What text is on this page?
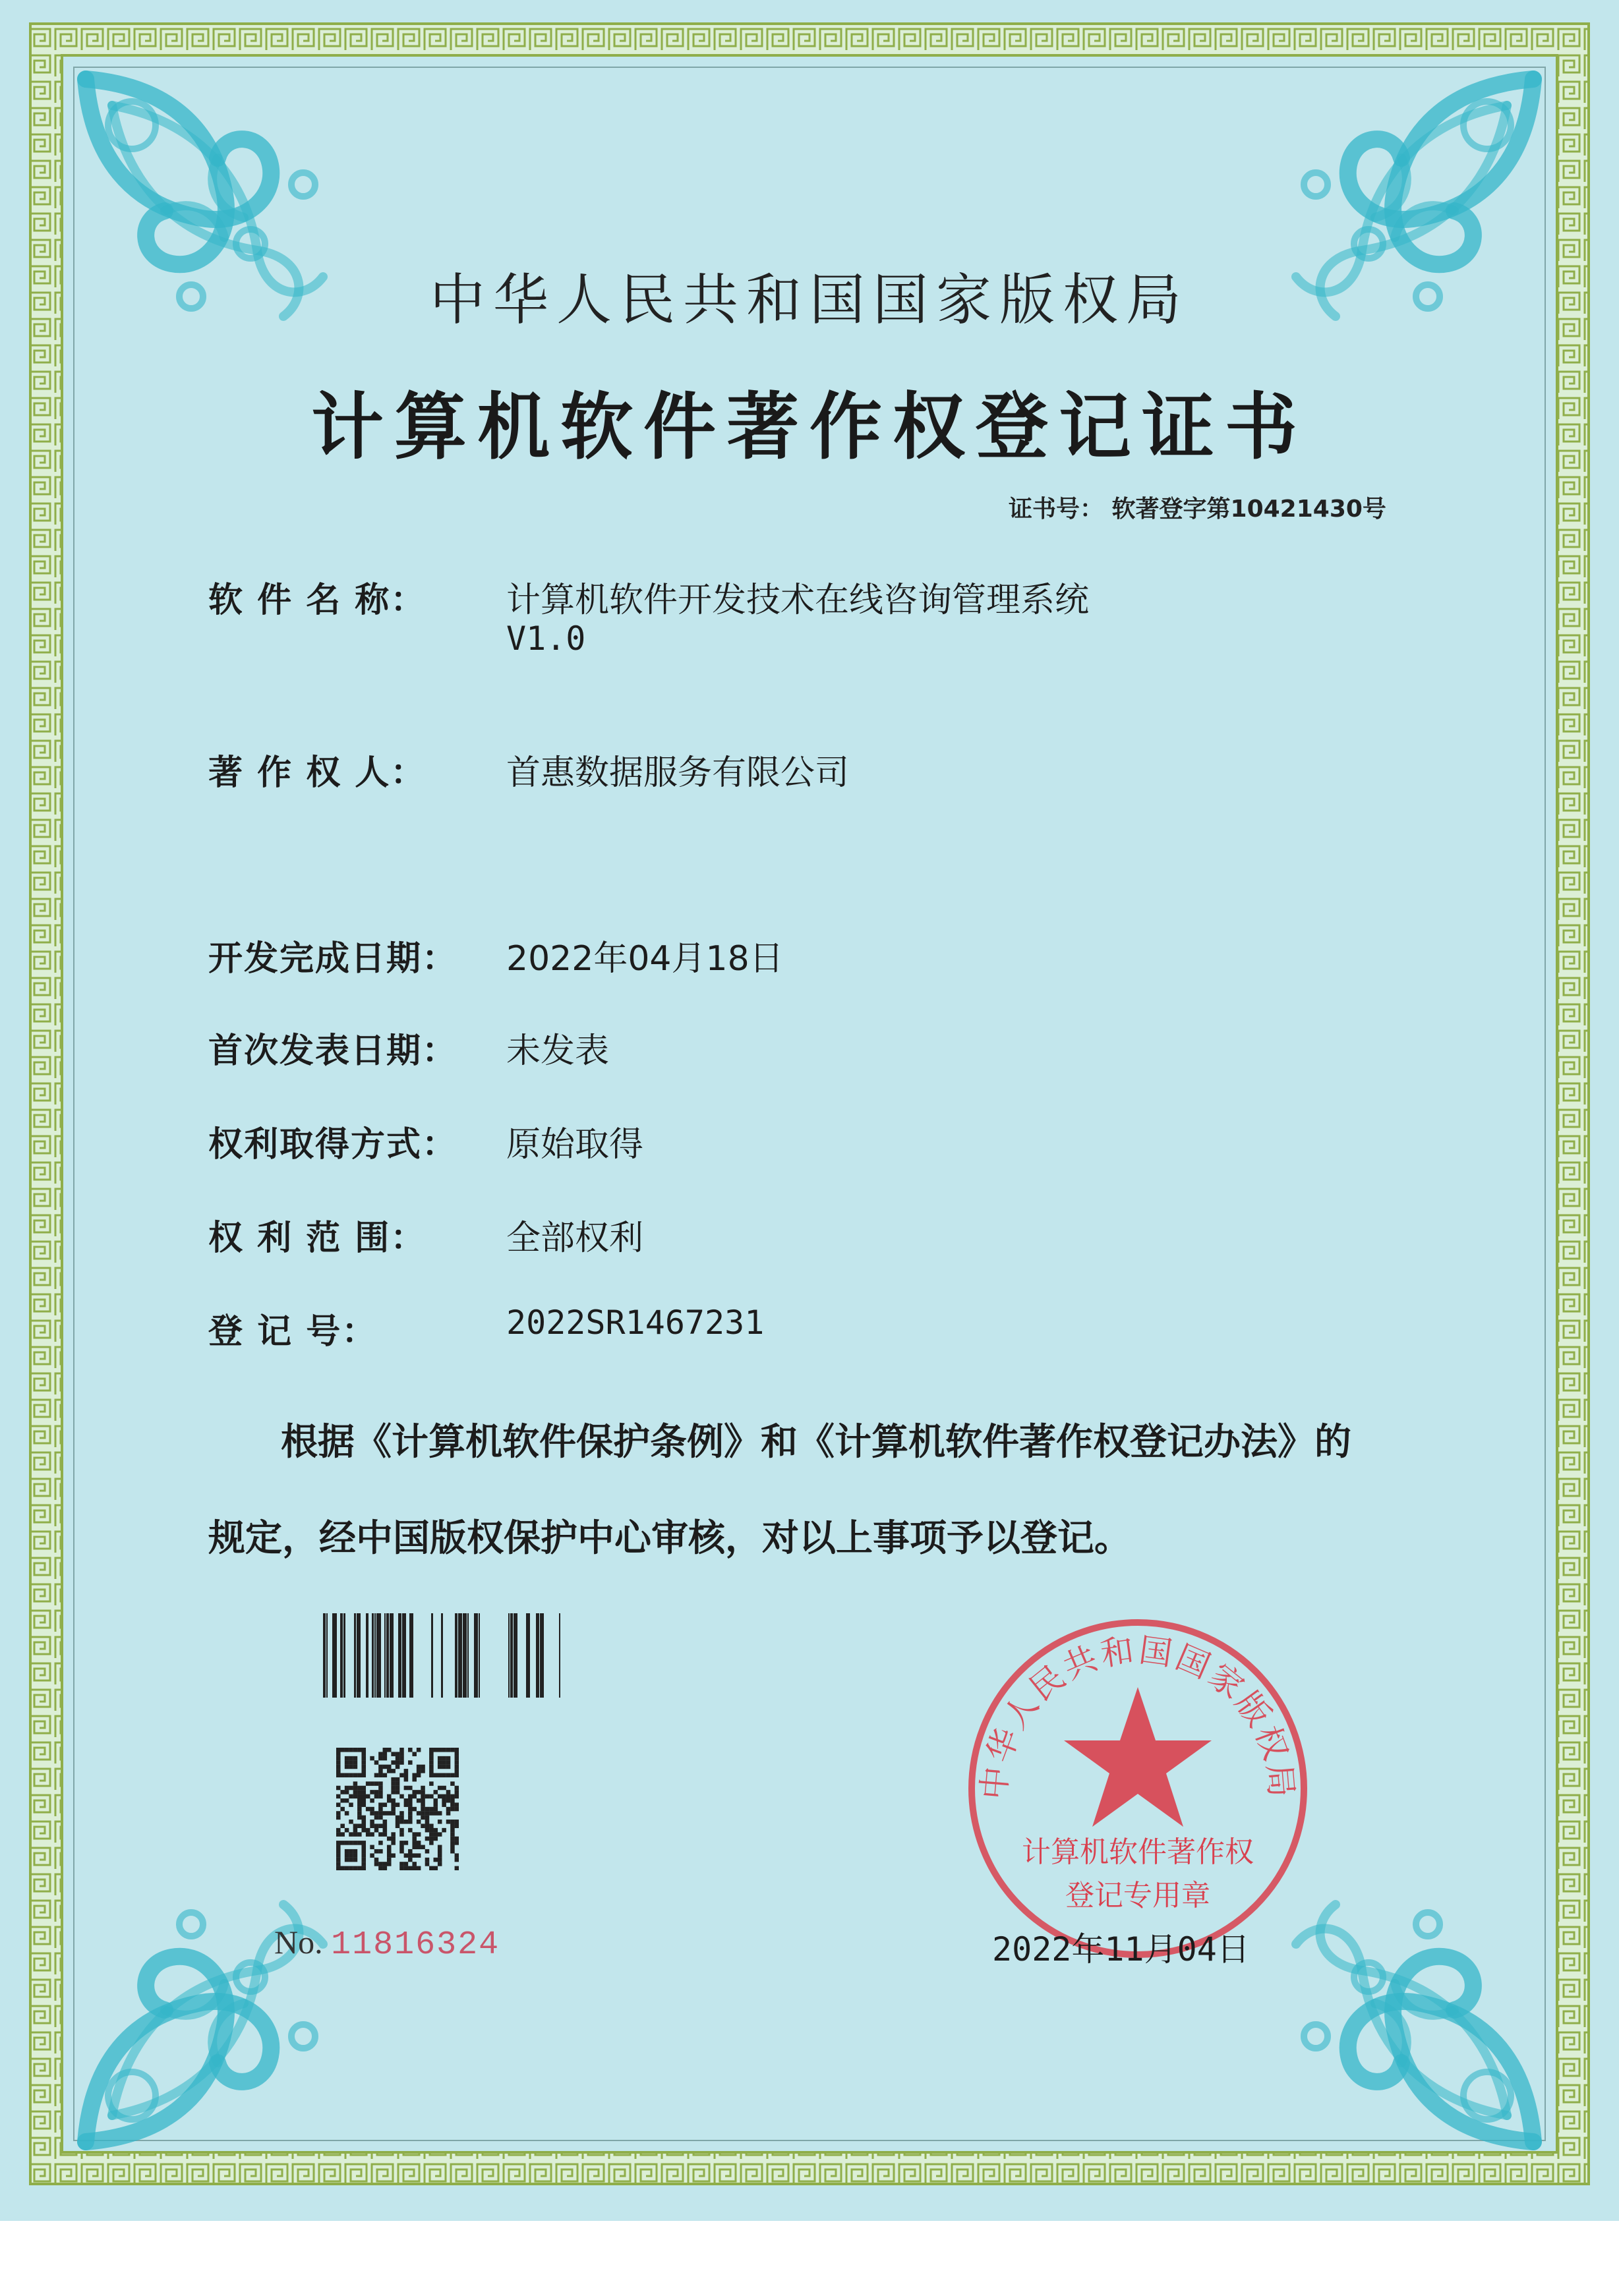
中华人民共和国国家版权局
计算机软件著作权登记证书
证书号： 软著登字第10421430号
软 件 名 称： 计算机软件开发技术在线咨询管理系统
V1.0
著 作 权 人： 首惠数据服务有限公司
开发完成日期： 2022年04月18日
首次发表日期： 未发表
权利取得方式： 原始取得
权 利 范 围： 全部权利
登 记 号：	2022SR1467231
根据《计算机软件保护条例》和《计算机软件著作权登记办法》的
规定，经中国版权保护中心审核，对以上事项予以登记。
No. 11816324
中华人民共和国国家版权局
计算机软件著作权
登记专用章
2022年11月04日
